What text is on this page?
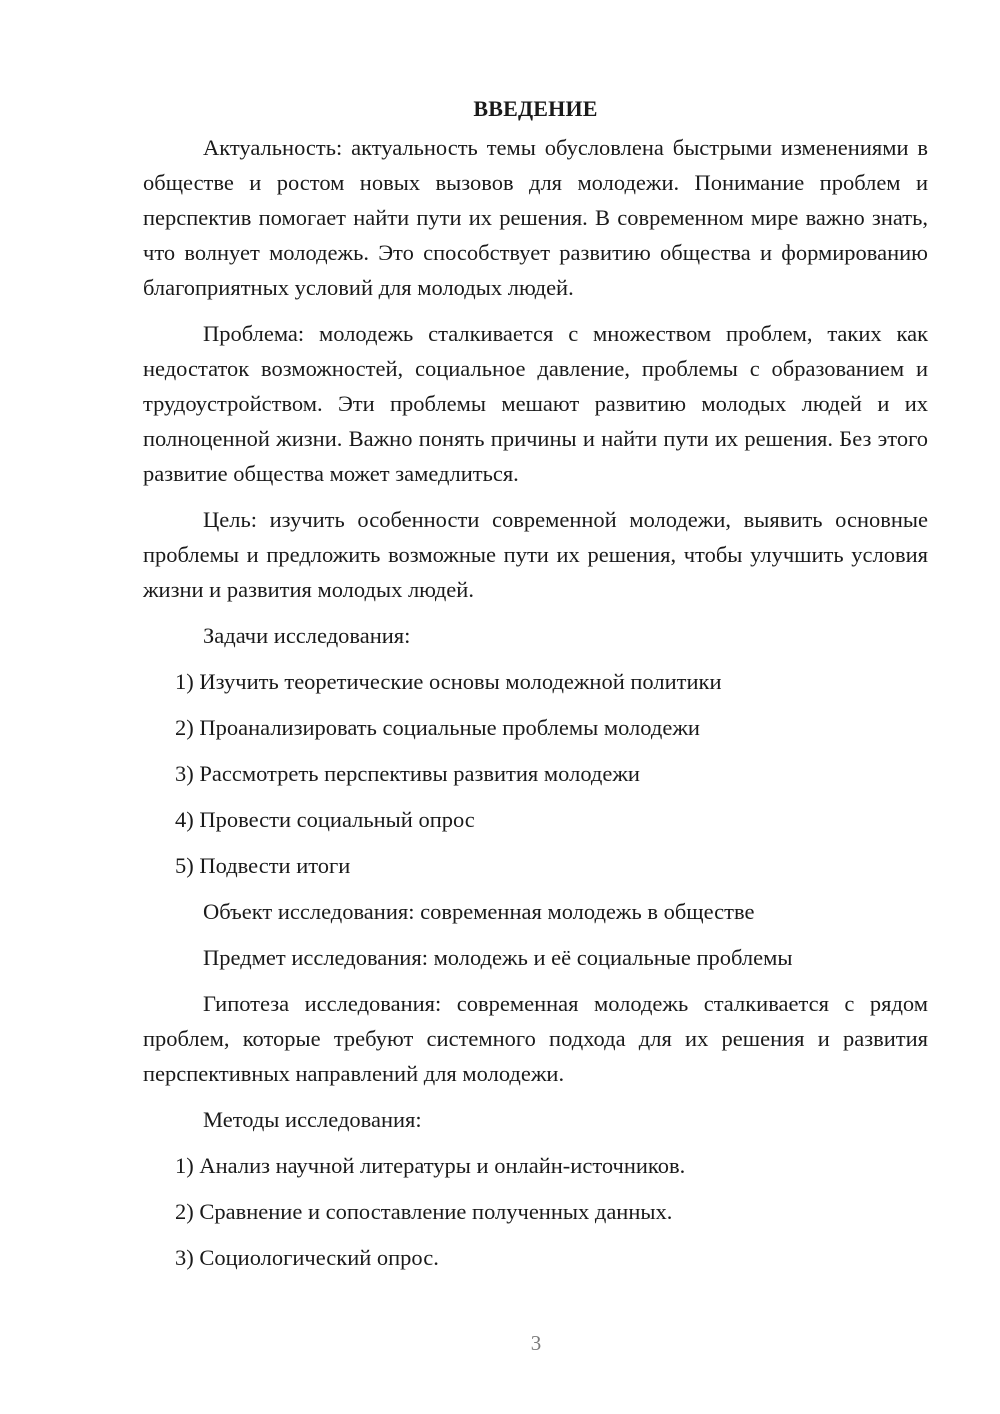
ВВЕДЕНИЕ

Актуальность: актуальность темы обусловлена быстрыми изменениями в обществе и ростом новых вызовов для молодежи. Понимание проблем и перспектив помогает найти пути их решения. В современном мире важно знать, что волнует молодежь. Это способствует развитию общества и формированию благоприятных условий для молодых людей.

Проблема: молодежь сталкивается с множеством проблем, таких как недостаток возможностей, социальное давление, проблемы с образованием и трудоустройством. Эти проблемы мешают развитию молодых людей и их полноценной жизни. Важно понять причины и найти пути их решения. Без этого развитие общества может замедлиться.

Цель: изучить особенности современной молодежи, выявить основные проблемы и предложить возможные пути их решения, чтобы улучшить условия жизни и развития молодых людей.

Задачи исследования:

1) Изучить теоретические основы молодежной политики

2) Проанализировать социальные проблемы молодежи

3) Рассмотреть перспективы развития молодежи

4) Провести социальный опрос

5) Подвести итоги

Объект исследования: современная молодежь в обществе

Предмет исследования: молодежь и её социальные проблемы

Гипотеза исследования: современная молодежь сталкивается с рядом проблем, которые требуют системного подхода для их решения и развития перспективных направлений для молодежи.

Методы исследования:

1) Анализ научной литературы и онлайн-источников.

2) Сравнение и сопоставление полученных данных.

3) Социологический опрос.

3
